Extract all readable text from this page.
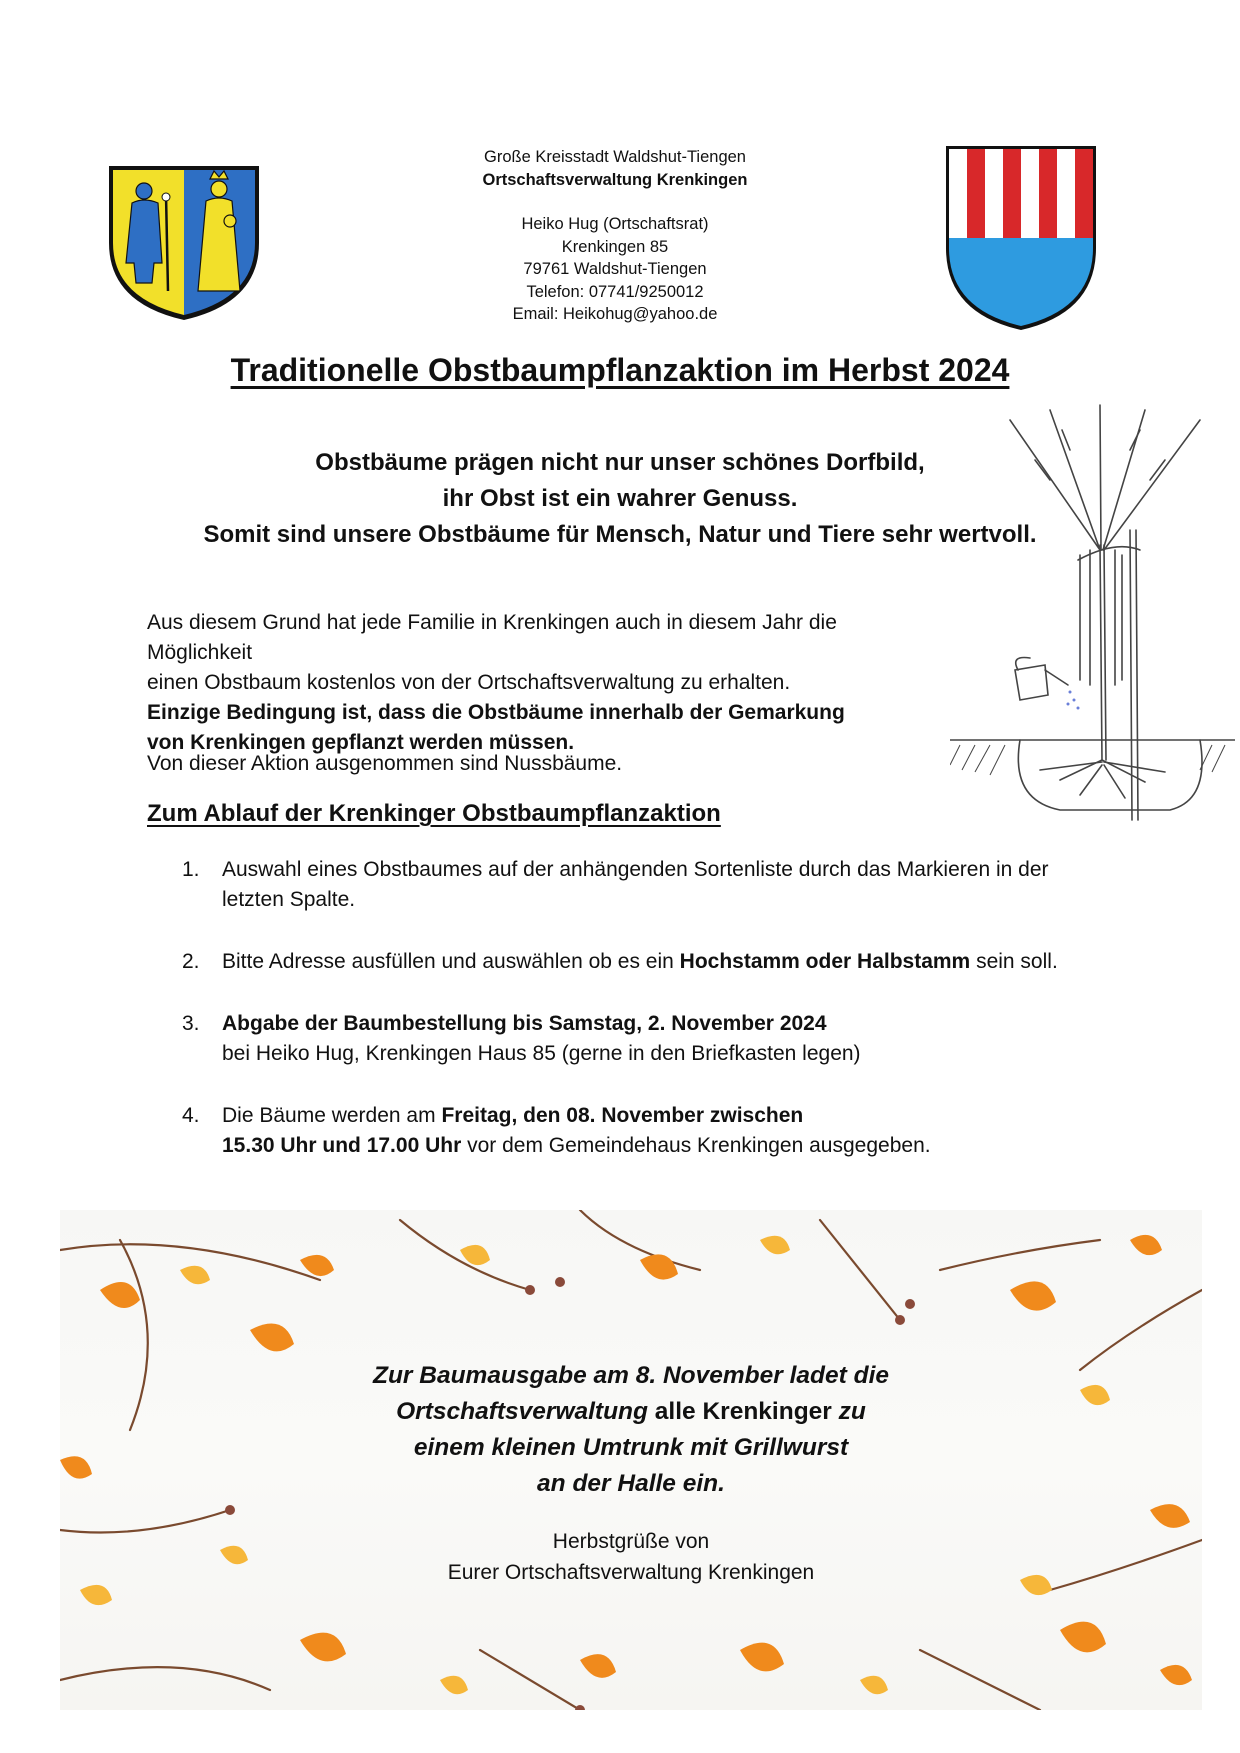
Große Kreisstadt Waldshut-Tiengen
Ortschaftsverwaltung Krenkingen
Heiko Hug (Ortschaftsrat)
Krenkingen 85
79761 Waldshut-Tiengen
Telefon: 07741/9250012
Email: Heikohug@yahoo.de
Traditionelle Obstbaumpflanzaktion im Herbst 2024
Obstbäume prägen nicht nur unser schönes Dorfbild,
ihr Obst ist ein wahrer Genuss.
Somit sind unsere Obstbäume für Mensch, Natur und Tiere sehr wertvoll.
Aus diesem Grund hat jede Familie in Krenkingen auch in diesem Jahr die Möglichkeit
einen Obstbaum kostenlos von der Ortschaftsverwaltung zu erhalten.
Einzige Bedingung ist, dass die Obstbäume innerhalb der Gemarkung
von Krenkingen gepflanzt werden müssen.
Von dieser Aktion ausgenommen sind Nussbäume.
Zum Ablauf der Krenkinger Obstbaumpflanzaktion
1. Auswahl eines Obstbaumes auf der anhängenden Sortenliste durch das Markieren in der letzten Spalte.
2. Bitte Adresse ausfüllen und auswählen ob es ein Hochstamm oder Halbstamm sein soll.
3. Abgabe der Baumbestellung bis Samstag, 2. November 2024
bei Heiko Hug, Krenkingen Haus 85 (gerne in den Briefkasten legen)
4. Die Bäume werden am Freitag, den 08. November zwischen
15.30 Uhr und 17.00 Uhr vor dem Gemeindehaus Krenkingen ausgegeben.
Zur Baumausgabe am 8. November ladet die
Ortschaftsverwaltung alle Krenkinger zu
einem kleinen Umtrunk mit Grillwurst
an der Halle ein.
Herbstgrüße von
Eurer Ortschaftsverwaltung Krenkingen
